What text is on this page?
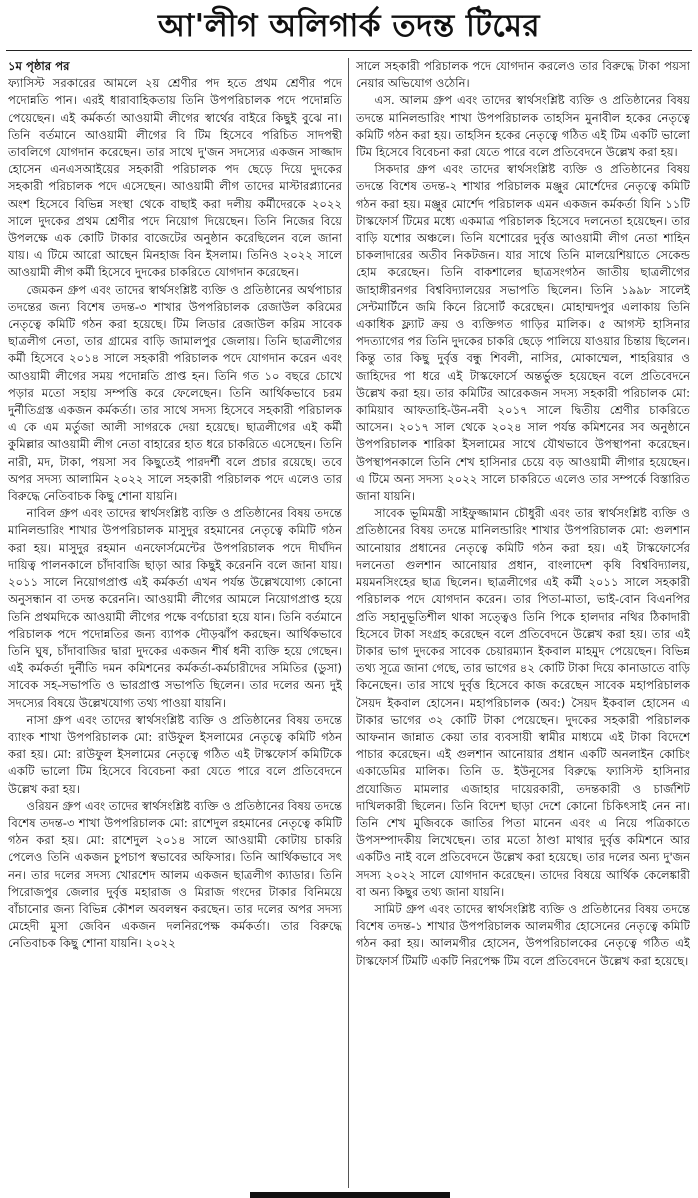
আ'লীগ অলিগার্ক তদন্ত টিমের

১ম পৃষ্ঠার পর
ফ্যাসিস্ট সরকারের আমলে ২য় শ্রেণীর পদ হতে প্রথম শ্রেণীর পদে পদোন্নতি পান। এরই ধারাবাহিকতায় তিনি উপপরিচালক পদে পদোন্নতি পেয়েছেন। এই কর্মকর্তা আওয়ামী লীগের স্বার্থের বাইরে কিছুই বুঝে না। তিনি বর্তমানে আওয়ামী লীগের বি টিম হিসেবে পরিচিত সাদপন্থী তাবলিগে যোগদান করেছেন। তার সাথে দু'জন সদস্যের একজন সাজ্জাদ হোসেন এনএসআইয়ের সহকারী পরিচালক পদ ছেড়ে দিয়ে দুদকের সহকারী পরিচালক পদে এসেছেন। আওয়ামী লীগ তাদের মাস্টারপ্ল্যানের অংশ হিসেবে বিভিন্ন সংস্থা থেকে বাছাই করা দলীয় কর্মীদেরকে ২০২২ সালে দুদকের প্রথম শ্রেণীর পদে নিয়োগ দিয়েছেন। তিনি নিজের বিয়ে উপলক্ষে এক কোটি টাকার বাজেটের অনুষ্ঠান করেছিলেন বলে জানা যায়। এ টিমে আরো আছেন মিনহাজ বিন ইসলাম। তিনিও ২০২২ সালে আওয়ামী লীগ কর্মী হিসেবে দুদকের চাকরিতে যোগদান করেছেন।

জেমকন গ্রুপ এবং তাদের স্বার্থসংশ্লিষ্ট ব্যক্তি ও প্রতিষ্ঠানের অর্থপাচার তদন্তের জন্য বিশেষ তদন্ত-৩ শাখার উপপরিচালক রেজাউল করিমের নেতৃত্বে কমিটি গঠন করা হয়েছে। টিম লিডার রেজাউল করিম সাবেক ছাত্রলীগ নেতা, তার গ্রামের বাড়ি জামালপুর জেলায়। তিনি ছাত্রলীগের কর্মী হিসেবে ২০১৪ সালে সহকারী পরিচালক পদে যোগদান করেন এবং আওয়ামী লীগের সময় পদোন্নতি প্রাপ্ত হন। তিনি গত ১০ বছরে চোখে পড়ার মতো সহায় সম্পত্তি করে ফেলেছেন। তিনি আর্থিকভাবে চরম দুর্নীতিগ্রস্ত একজন কর্মকর্তা। তার সাথে সদস্য হিসেবে সহকারী পরিচালক এ কে এম মর্তুজা আলী সাগরকে দেয়া হয়েছে। ছাত্রলীগের এই কর্মী কুমিল্লার আওয়ামী লীগ নেতা বাহারের হাত ধরে চাকরিতে এসেছেন। তিনি নারী, মদ, টাকা, পয়সা সব কিছুতেই পারদর্শী বলে প্রচার রয়েছে। তবে অপর সদস্য আলামিন ২০২২ সালে সহকারী পরিচালক পদে এলেও তার বিরুদ্ধে নেতিবাচক কিছু শোনা যায়নি।

নাবিল গ্রুপ এবং তাদের স্বার্থসংশ্লিষ্ট ব্যক্তি ও প্রতিষ্ঠানের বিষয় তদন্তে মানিলন্ডারিং শাখার উপপরিচালক মাসুদুর রহমানের নেতৃত্বে কমিটি গঠন করা হয়। মাসুদুর রহমান এনফোর্সমেন্টের উপপরিচালক পদে দীর্ঘদিন দায়িত্ব পালনকালে চাঁদাবাজি ছাড়া আর কিছুই করেননি বলে জানা যায়। ২০১১ সালে নিয়োগপ্রাপ্ত এই কর্মকর্তা এখন পর্যন্ত উল্লেখযোগ্য কোনো অনুসন্ধান বা তদন্ত করেননি। আওয়ামী লীগের আমলে নিয়োগপ্রাপ্ত হয়ে তিনি প্রথমদিকে আওয়ামী লীগের পক্ষে বর্ণচোরা হয়ে যান। তিনি বর্তমানে পরিচালক পদে পদোন্নতির জন্য ব্যাপক দৌড়ঝাঁপ করছেন। আর্থিকভাবে তিনি ঘুষ, চাঁদাবাজির দ্বারা দুদকের একজন শীর্ষ ধনী ব্যক্তি হয়ে গেছেন। এই কর্মকর্তা দুর্নীতি দমন কমিশনের কর্মকর্তা-কর্মচারীদের সমিতির (ডুসা) সাবেক সহ-সভাপতি ও ভারপ্রাপ্ত সভাপতি ছিলেন। তার দলের অন্য দুই সদস্যের বিষয়ে উল্লেখযোগ্য তথ্য পাওয়া যায়নি।

নাসা গ্রুপ এবং তাদের স্বার্থসংশ্লিষ্ট ব্যক্তি ও প্রতিষ্ঠানের বিষয় তদন্তে ব্যাংক শাখা উপপরিচালক মো: রাউফুল ইসলামের নেতৃত্বে কমিটি গঠন করা হয়। মো: রাউফুল ইসলামের নেতৃত্বে গঠিত এই টাস্কফোর্স কমিটিকে একটি ভালো টিম হিসেবে বিবেচনা করা যেতে পারে বলে প্রতিবেদনে উল্লেখ করা হয়।

ওরিয়ন গ্রুপ এবং তাদের স্বার্থসংশ্লিষ্ট ব্যক্তি ও প্রতিষ্ঠানের বিষয় তদন্তে বিশেষ তদন্ত-৩ শাখা উপপরিচালক মো: রাশেদুল রহমানের নেতৃত্বে কমিটি গঠন করা হয়। মো: রাশেদুল ২০১৪ সালে আওয়ামী কোটায় চাকরি পেলেও তিনি একজন চুপচাপ স্বভাবের অফিসার। তিনি আর্থিকভাবে সৎ নন। তার দলের সদস্য খোরশেদ আলম একজন ছাত্রলীগ ক্যাডার। তিনি পিরোজপুর জেলার দুর্বৃত্ত মহারাজ ও মিরাজ গংদের টাকার বিনিময়ে বাঁচানোর জন্য বিভিন্ন কৌশল অবলম্বন করছেন। তার দলের অপর সদস্য মেহেদী মুসা জেবিন একজন দলনিরপেক্ষ কর্মকর্তা। তার বিরুদ্ধে নেতিবাচক কিছু শোনা যায়নি। ২০২২

সালে সহকারী পরিচালক পদে যোগদান করলেও তার বিরুদ্ধে টাকা পয়সা নেয়ার অভিযোগ ওঠেনি।

এস. আলম গ্রুপ এবং তাদের স্বার্থসংশ্লিষ্ট ব্যক্তি ও প্রতিষ্ঠানের বিষয় তদন্তে মানিলন্ডারিং শাখা উপপরিচালক তাহসিন মুনাবীল হকের নেতৃত্বে কমিটি গঠন করা হয়। তাহসিন হকের নেতৃত্বে গঠিত এই টিম একটি ভালো টিম হিসেবে বিবেচনা করা যেতে পারে বলে প্রতিবেদনে উল্লেখ করা হয়।

সিকদার গ্রুপ এবং তাদের স্বার্থসংশ্লিষ্ট ব্যক্তি ও প্রতিষ্ঠানের বিষয় তদন্তে বিশেষ তদন্ত-২ শাখার পরিচালক মঞ্জুর মোর্শেদের নেতৃত্বে কমিটি গঠন করা হয়। মঞ্জুর মোর্শেদ পরিচালক এমন একজন কর্মকর্তা যিনি ১১টি টাস্কফোর্স টিমের মধ্যে একমাত্র পরিচালক হিসেবে দলনেতা হয়েছেন। তার বাড়ি যশোর অঞ্চলে। তিনি যশোরের দুর্বৃত্ত আওয়ামী লীগ নেতা শাহিন চাকলাদারের অতীব নিকটজন। যার সাথে তিনি মালয়েশিয়াতে সেকেন্ড হোম করেছেন। তিনি বাকশালের ছাত্রসংগঠন জাতীয় ছাত্রলীগের জাহাঙ্গীরনগর বিশ্ববিদ্যালয়ের সভাপতি ছিলেন। তিনি ১৯৯৮ সালেই সেন্টমার্টিনে জমি কিনে রিসোর্ট করেছেন। মোহাম্মদপুর এলাকায় তিনি একাধিক ফ্ল্যাট ক্রয় ও ব্যক্তিগত গাড়ির মালিক। ৫ আগস্ট হাসিনার পদত্যাগের পর তিনি দুদকের চাকরি ছেড়ে পালিয়ে যাওয়ার চিন্তায় ছিলেন। কিন্তু তার কিছু দুর্বৃত্ত বন্ধু শিবলী, নাসির, মোকাম্মেল, শাহরিয়ার ও জাহিদের পা ধরে এই টাস্কফোর্সে অন্তর্ভুক্ত হয়েছেন বলে প্রতিবেদনে উল্লেখ করা হয়। তার কমিটির আরেকজন সদস্য সহকারী পরিচালক মো: কামিয়াব আফতাহি-উন-নবী ২০১৭ সালে দ্বিতীয় শ্রেণীর চাকরিতে আসেন। ২০১৭ সাল থেকে ২০২৪ সাল পর্যন্ত কমিশনের সব অনুষ্ঠানে উপপরিচালক শারিকা ইসলামের সাথে যৌথভাবে উপস্থাপনা করেছেন। উপস্থাপনকালে তিনি শেখ হাসিনার চেয়ে বড় আওয়ামী লীগার হয়েছেন। এ টিমে অন্য সদস্য ২০২২ সালে চাকরিতে এলেও তার সম্পর্কে বিস্তারিত জানা যায়নি।

সাবেক ভূমিমন্ত্রী সাইফুজ্জামান চৌধুরী এবং তার স্বার্থসংশ্লিষ্ট ব্যক্তি ও প্রতিষ্ঠানের বিষয় তদন্তে মানিলন্ডারিং শাখার উপপরিচালক মো: গুলশান আনোয়ার প্রধানের নেতৃত্বে কমিটি গঠন করা হয়। এই টাস্কফোর্সের দলনেতা গুলশান আনোয়ার প্রধান, বাংলাদেশ কৃষি বিশ্ববিদ্যালয়, ময়মনসিংহের ছাত্র ছিলেন। ছাত্রলীগের এই কর্মী ২০১১ সালে সহকারী পরিচালক পদে যোগদান করেন। তার পিতা-মাতা, ভাই-বোন বিএনপির প্রতি সহানুভূতিশীল থাকা সত্ত্বেও তিনি পিকে হালদার নথির ঠিকাদারী হিসেবে টাকা সংগ্রহ করেছেন বলে প্রতিবেদনে উল্লেখ করা হয়। তার এই টাকার ভাগ দুদকের সাবেক চেয়ারম্যান ইকবাল মাহমুদ পেয়েছেন। বিভিন্ন তথ্য সূত্রে জানা গেছে, তার ভাগের ৪২ কোটি টাকা দিয়ে কানাডাতে বাড়ি কিনেছেন। তার সাথে দুর্বৃত্ত হিসেবে কাজ করেছেন সাবেক মহাপরিচালক সৈয়দ ইকবাল হোসেন। মহাপরিচালক (অব:) সৈয়দ ইকবাল হোসেন এ টাকার ভাগের ৩২ কোটি টাকা পেয়েছেন। দুদকের সহকারী পরিচালক আফনান জান্নাত কেয়া তার ব্যবসায়ী স্বামীর মাধ্যমে এই টাকা বিদেশে পাচার করেছেন। এই গুলশান আনোয়ার প্রধান একটি অনলাইন কোচিং একাডেমির মালিক। তিনি ড. ইউনূসের বিরুদ্ধে ফ্যাসিস্ট হাসিনার প্রযোজিত মামলার এজাহার দায়েরকারী, তদন্তকারী ও চার্জশিট দাখিলকারী ছিলেন। তিনি বিদেশ ছাড়া দেশে কোনো চিকিৎসাই নেন না। তিনি শেখ মুজিবকে জাতির পিতা মানেন এবং এ নিয়ে পত্রিকাতে উপসম্পাদকীয় লিখেছেন। তার মতো ঠাণ্ডা মাথার দুর্বৃত্ত কমিশনে আর একটিও নাই বলে প্রতিবেদনে উল্লেখ করা হয়েছে। তার দলের অন্য দু'জন সদস্য ২০২২ সালে যোগদান করেছেন। তাদের বিষয়ে আর্থিক কেলেঙ্কারী বা অন্য কিছুর তথ্য জানা যায়নি।

সামিট গ্রুপ এবং তাদের স্বার্থসংশ্লিষ্ট ব্যক্তি ও প্রতিষ্ঠানের বিষয় তদন্তে বিশেষ তদন্ত-১ শাখার উপপরিচালক আলমগীর হোসেনের নেতৃত্বে কমিটি গঠন করা হয়। আলমগীর হোসেন, উপপরিচালকের নেতৃত্বে গঠিত এই টাস্কফোর্স টিমটি একটি নিরপেক্ষ টিম বলে প্রতিবেদনে উল্লেখ করা হয়েছে।
